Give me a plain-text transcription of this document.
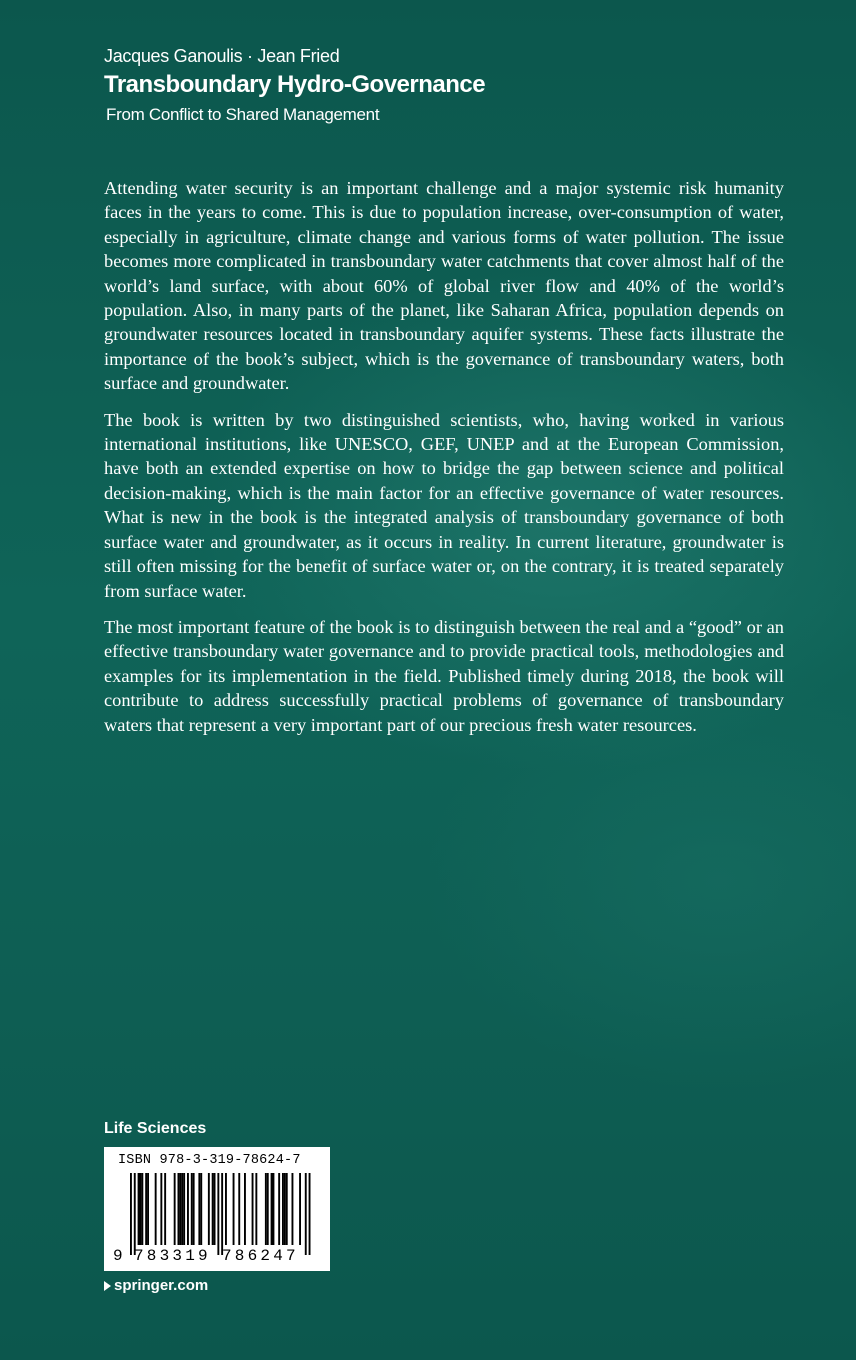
Jacques Ganoulis · Jean Fried

Transboundary Hydro-Governance

From Conflict to Shared Management

Attending water security is an important challenge and a major systemic risk humanity faces in the years to come. This is due to population increase, over-consumption of water, especially in agriculture, climate change and various forms of water pollution. The issue becomes more complicated in transboundary water catchments that cover almost half of the world’s land surface, with about 60% of global river flow and 40% of the world’s population. Also, in many parts of the planet, like Saharan Africa, population depends on groundwater resources located in transboundary aquifer systems. These facts illustrate the importance of the book’s subject, which is the governance of transboundary waters, both surface and groundwater.

The book is written by two distinguished scientists, who, having worked in various international institutions, like UNESCO, GEF, UNEP and at the European Commission, have both an extended expertise on how to bridge the gap between science and political decision-making, which is the main factor for an effective governance of water resources. What is new in the book is the integrated analysis of transboundary governance of both surface water and groundwater, as it occurs in reality. In current literature, groundwater is still often missing for the benefit of surface water or, on the contrary, it is treated separately from surface water.

The most important feature of the book is to distinguish between the real and a “good” or an effective transboundary water governance and to provide practical tools, methodologies and examples for its implementation in the field. Published timely during 2018, the book will contribute to address successfully practical problems of governance of transboundary waters that represent a very important part of our precious fresh water resources.

Life Sciences

ISBN 978-3-319-78624-7
9 783319 786247
springer.com
